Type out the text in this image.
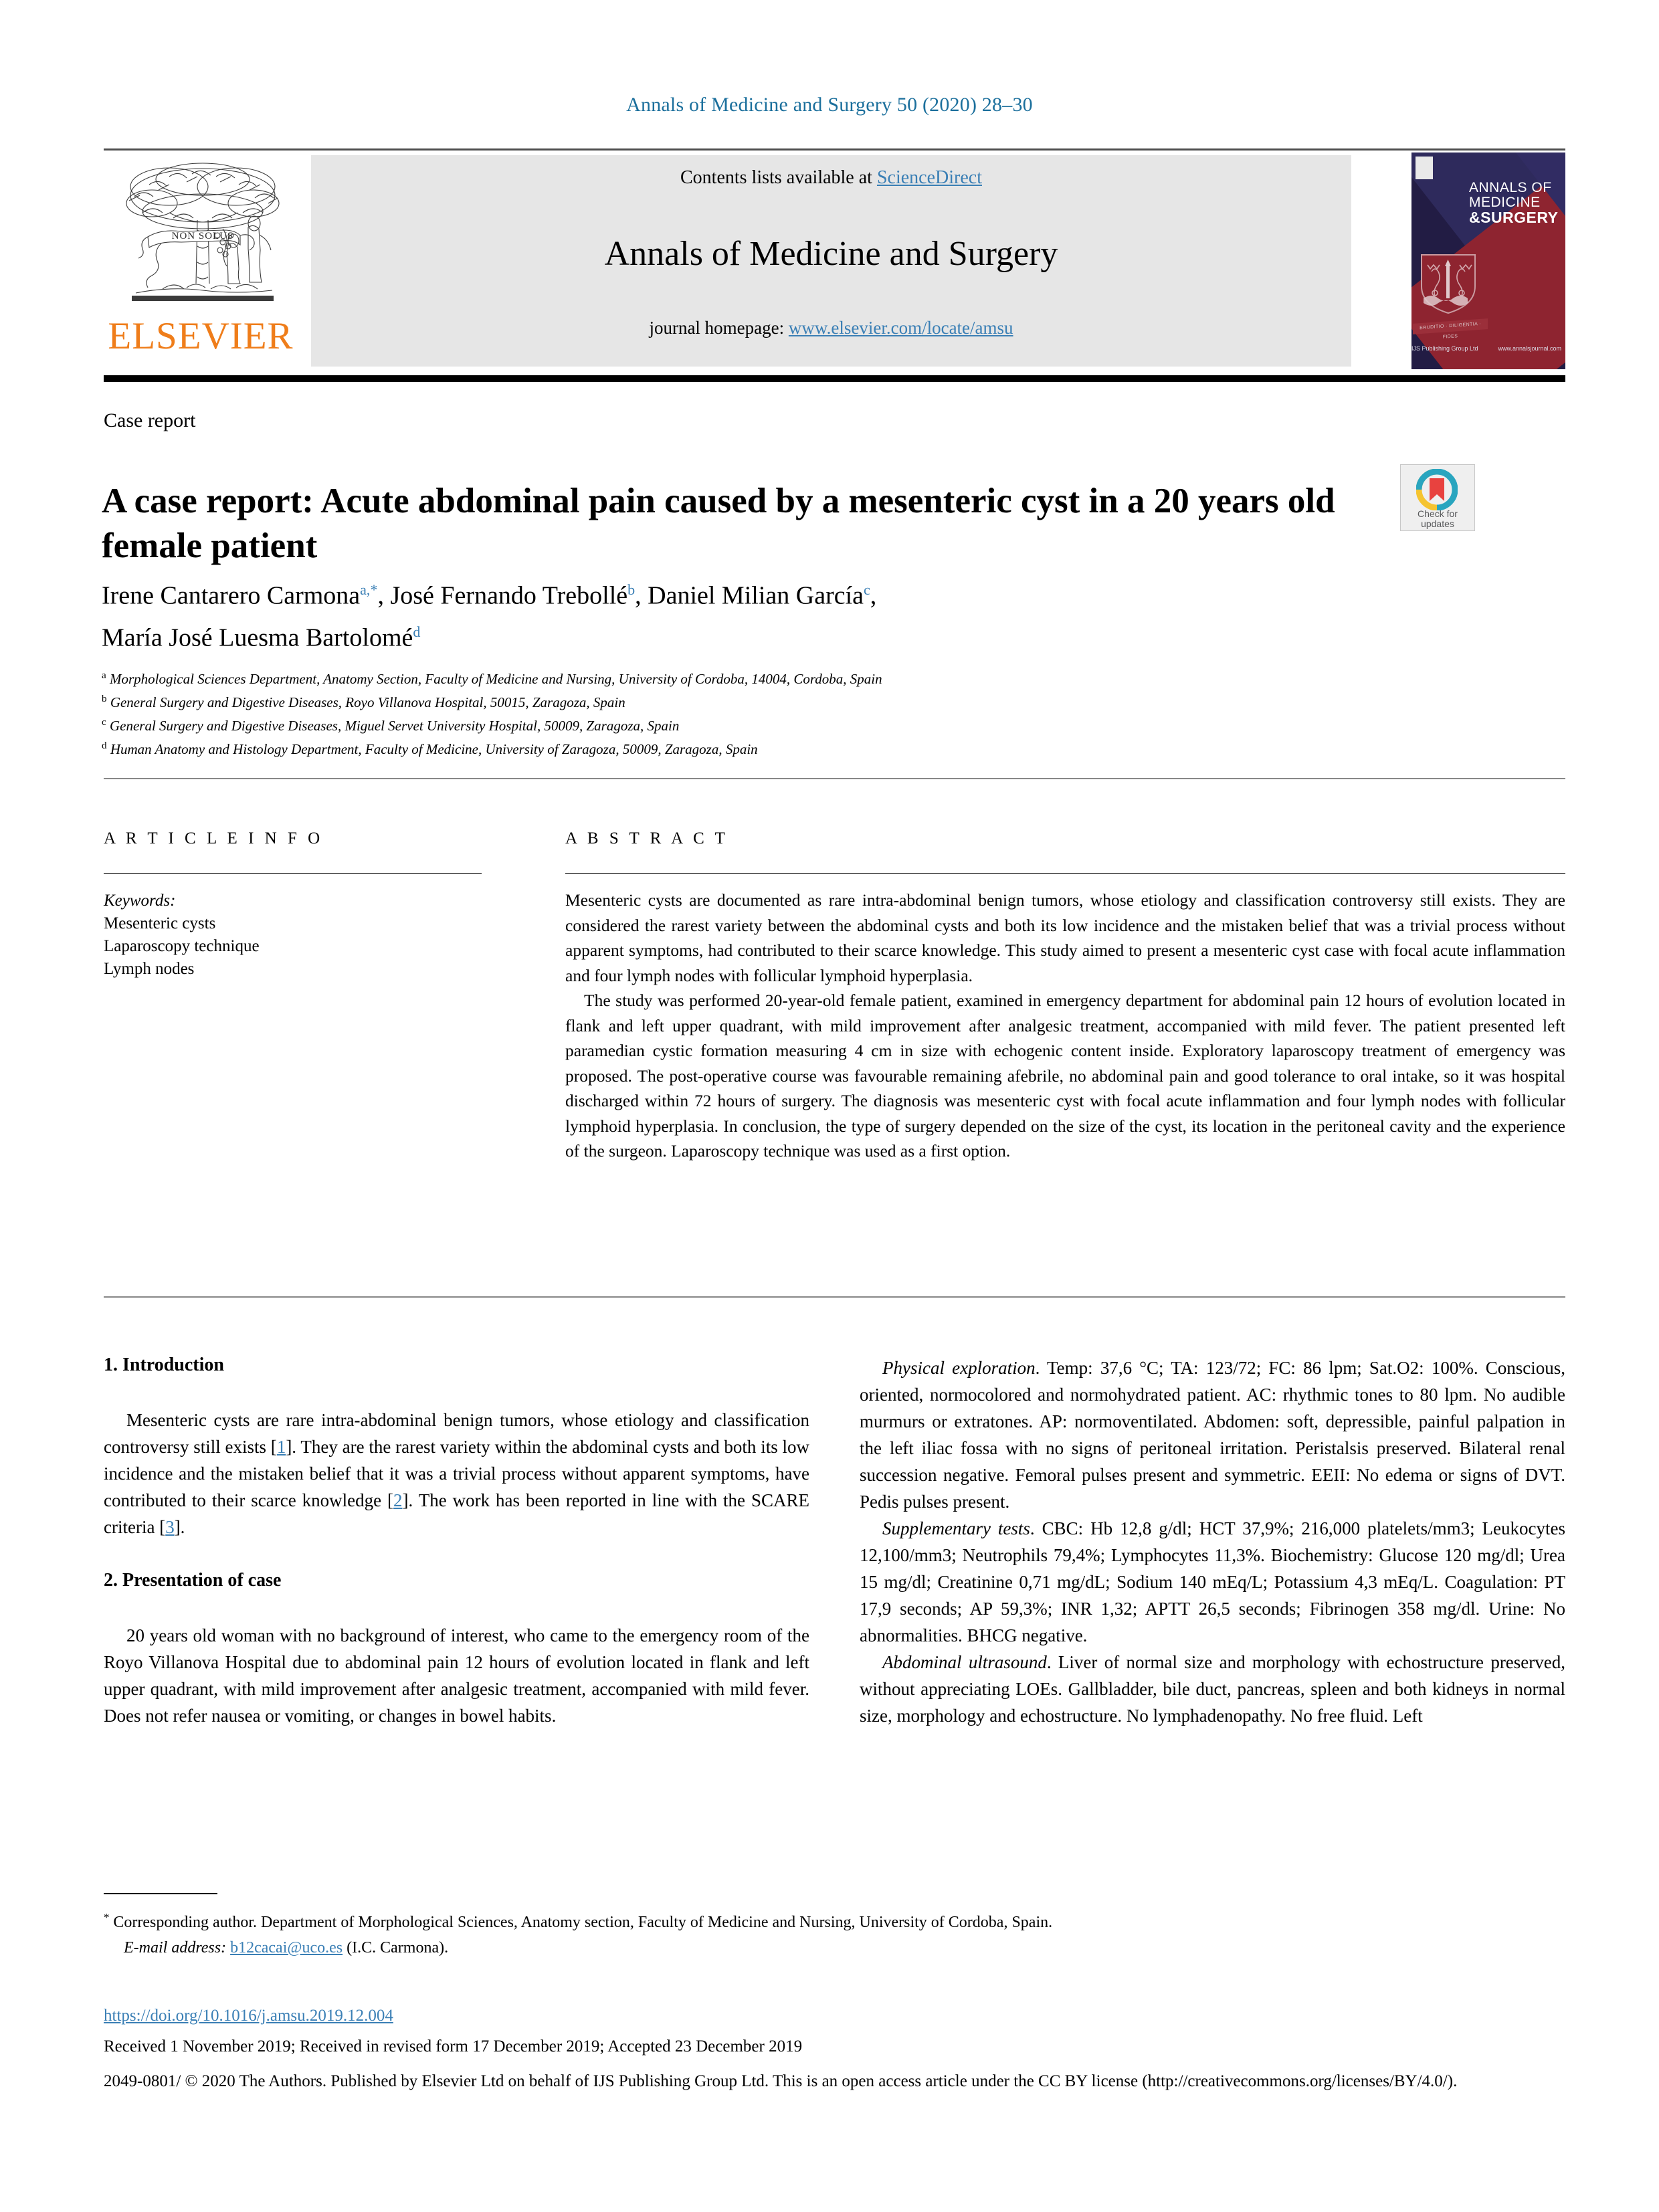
Annals of Medicine and Surgery 50 (2020) 28–30
NON SOLUS
ELSEVIER
Contents lists available at ScienceDirect
Annals of Medicine and Surgery
journal homepage: www.elsevier.com/locate/amsu
ANNALS OF
MEDICINE
&SURGERY
ERUDITIO · DILIGENTIA · FIDES
IJS Publishing Group Ltd	www.annalsjournal.com
Case report
A case report: Acute abdominal pain caused by a mesenteric cyst in a 20 years old female patient
Check for
updates
Irene Cantarero Carmona$^{a,*}$, José Fernando Trebollé$^b$, Daniel Milian García$^c$,
María José Luesma Bartolomé$^d$
$^a$ Morphological Sciences Department, Anatomy Section, Faculty of Medicine and Nursing, University of Cordoba, 14004, Cordoba, Spain
$^b$ General Surgery and Digestive Diseases, Royo Villanova Hospital, 50015, Zaragoza, Spain
$^c$ General Surgery and Digestive Diseases, Miguel Servet University Hospital, 50009, Zaragoza, Spain
$^d$ Human Anatomy and Histology Department, Faculty of Medicine, University of Zaragoza, 50009, Zaragoza, Spain
A R T I C L E I N F O
Keywords:
Mesenteric cysts
Laparoscopy technique
Lymph nodes
A B S T R A C T

Mesenteric cysts are documented as rare intra-abdominal benign tumors, whose etiology and classification controversy still exists. They are considered the rarest variety between the abdominal cysts and both its low incidence and the mistaken belief that was a trivial process without apparent symptoms, had contributed to their scarce knowledge. This study aimed to present a mesenteric cyst case with focal acute inflammation and four lymph nodes with follicular lymphoid hyperplasia.

The study was performed 20-year-old female patient, examined in emergency department for abdominal pain 12 hours of evolution located in flank and left upper quadrant, with mild improvement after analgesic treatment, accompanied with mild fever. The patient presented left paramedian cystic formation measuring 4 cm in size with echogenic content inside. Exploratory laparoscopy treatment of emergency was proposed. The post-operative course was favourable remaining afebrile, no abdominal pain and good tolerance to oral intake, so it was hospital discharged within 72 hours of surgery. The diagnosis was mesenteric cyst with focal acute inflammation and four lymph nodes with follicular lymphoid hyperplasia. In conclusion, the type of surgery depended on the size of the cyst, its location in the peritoneal cavity and the experience of the surgeon. Laparoscopy technique was used as a first option.

1. Introduction

Mesenteric cysts are rare intra-abdominal benign tumors, whose etiology and classification controversy still exists [1]. They are the rarest variety within the abdominal cysts and both its low incidence and the mistaken belief that it was a trivial process without apparent symptoms, have contributed to their scarce knowledge [2]. The work has been reported in line with the SCARE criteria [3].

2. Presentation of case

20 years old woman with no background of interest, who came to the emergency room of the Royo Villanova Hospital due to abdominal pain 12 hours of evolution located in flank and left upper quadrant, with mild improvement after analgesic treatment, accompanied with mild fever. Does not refer nausea or vomiting, or changes in bowel habits.

Physical exploration. Temp: 37,6 °C; TA: 123/72; FC: 86 lpm; Sat.O2: 100%. Conscious, oriented, normocolored and normohydrated patient. AC: rhythmic tones to 80 lpm. No audible murmurs or extratones. AP: normoventilated. Abdomen: soft, depressible, painful palpation in the left iliac fossa with no signs of peritoneal irritation. Peristalsis preserved. Bilateral renal succession negative. Femoral pulses present and symmetric. EEII: No edema or signs of DVT. Pedis pulses present.

Supplementary tests. CBC: Hb 12,8 g/dl; HCT 37,9%; 216,000 platelets/mm3; Leukocytes 12,100/mm3; Neutrophils 79,4%; Lymphocytes 11,3%. Biochemistry: Glucose 120 mg/dl; Urea 15 mg/dl; Creatinine 0,71 mg/dL; Sodium 140 mEq/L; Potassium 4,3 mEq/L. Coagulation: PT 17,9 seconds; AP 59,3%; INR 1,32; APTT 26,5 seconds; Fibrinogen 358 mg/dl. Urine: No abnormalities. BHCG negative.

Abdominal ultrasound. Liver of normal size and morphology with echostructure preserved, without appreciating LOEs. Gallbladder, bile duct, pancreas, spleen and both kidneys in normal size, morphology and echostructure. No lymphadenopathy. No free fluid. Left

* Corresponding author. Department of Morphological Sciences, Anatomy section, Faculty of Medicine and Nursing, University of Cordoba, Spain.
E-mail address: b12cacai@uco.es (I.C. Carmona).
https://doi.org/10.1016/j.amsu.2019.12.004
Received 1 November 2019; Received in revised form 17 December 2019; Accepted 23 December 2019
2049-0801/ © 2020 The Authors. Published by Elsevier Ltd on behalf of IJS Publishing Group Ltd. This is an open access article under the CC BY license (http://creativecommons.org/licenses/BY/4.0/).
